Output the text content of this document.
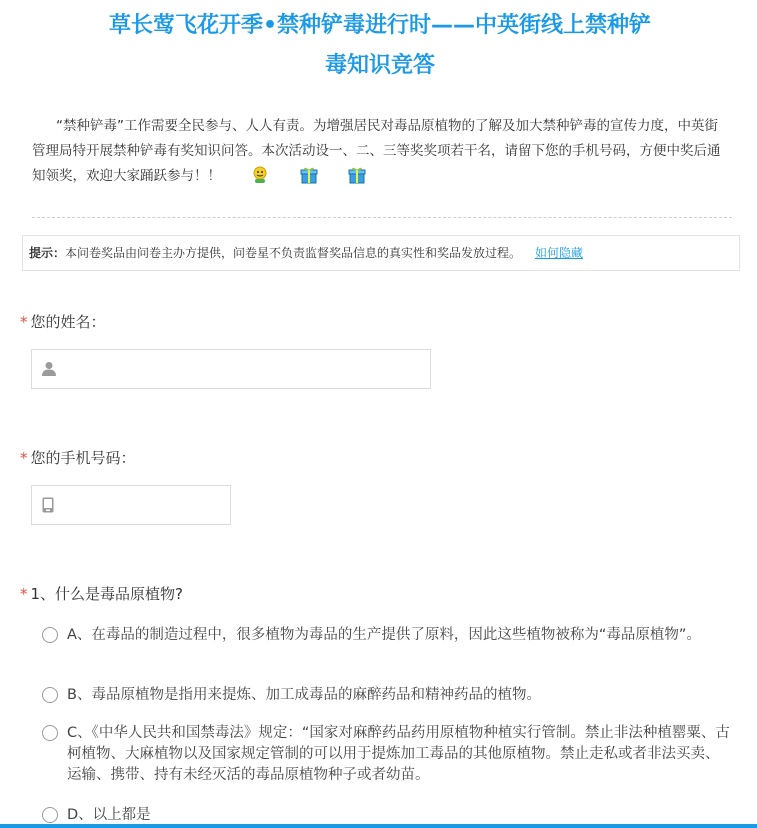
草长莺飞花开季•禁种铲毒进行时——中英街线上禁种铲
毒知识竞答
“禁种铲毒”工作需要全民参与、人人有责。为增强居民对毒品原植物的了解及加大禁种铲毒的宣传力度，中英街管理局特开展禁种铲毒有奖知识问答。本次活动设一、二、三等奖奖项若干名，请留下您的手机号码，方便中奖后通知领奖，欢迎大家踊跃参与！！
提示：本问卷奖品由问卷主办方提供，问卷星不负责监督奖品信息的真实性和奖品发放过程。 如何隐藏
* 您的姓名：
* 您的手机号码：
* 1、什么是毒品原植物?
A、在毒品的制造过程中，很多植物为毒品的生产提供了原料，因此这些植物被称为“毒品原植物”。
B、毒品原植物是指用来提炼、加工成毒品的麻醉药品和精神药品的植物。
C、《中华人民共和国禁毒法》规定：“国家对麻醉药品药用原植物种植实行管制。禁止非法种植罂粟、古柯植物、大麻植物以及国家规定管制的可以用于提炼加工毒品的其他原植物。禁止走私或者非法买卖、运输、携带、持有未经灭活的毒品原植物种子或者幼苗。
D、以上都是
